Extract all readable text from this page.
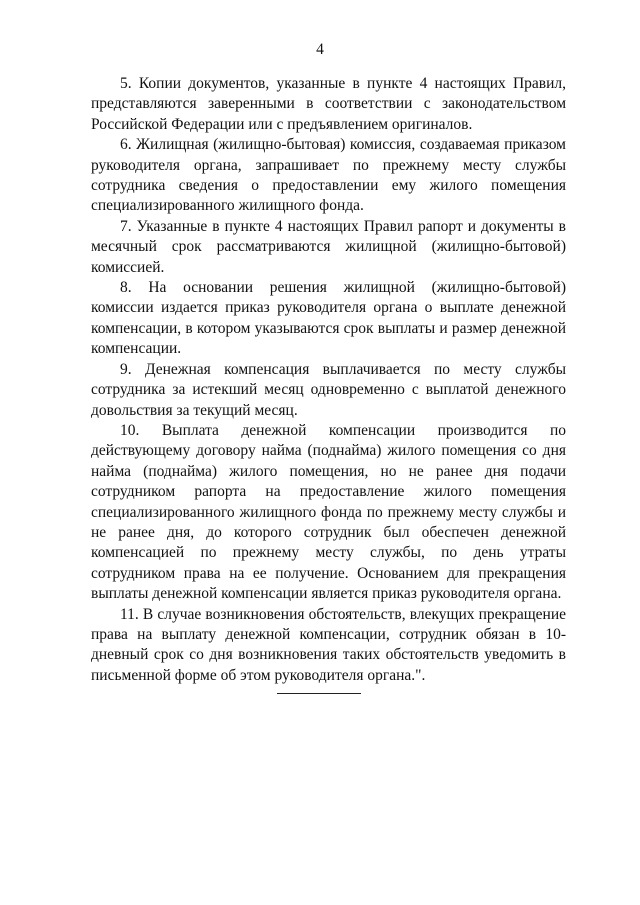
4

5. Копии документов, указанные в пункте 4 настоящих Правил, представляются заверенными в соответствии с законодательством Российской Федерации или с предъявлением оригиналов.

6. Жилищная (жилищно-бытовая) комиссия, создаваемая приказом руководителя органа, запрашивает по прежнему месту службы сотрудника сведения о предоставлении ему жилого помещения специализированного жилищного фонда.

7. Указанные в пункте 4 настоящих Правил рапорт и документы в месячный срок рассматриваются жилищной (жилищно-бытовой) комиссией.

8. На основании решения жилищной (жилищно-бытовой) комиссии издается приказ руководителя органа о выплате денежной компенсации, в котором указываются срок выплаты и размер денежной компенсации.

9. Денежная компенсация выплачивается по месту службы сотрудника за истекший месяц одновременно с выплатой денежного довольствия за текущий месяц.

10. Выплата денежной компенсации производится по действующему договору найма (поднайма) жилого помещения со дня найма (поднайма) жилого помещения, но не ранее дня подачи сотрудником рапорта на предоставление жилого помещения специализированного жилищного фонда по прежнему месту службы и не ранее дня, до которого сотрудник был обеспечен денежной компенсацией по прежнему месту службы, по день утраты сотрудником права на ее получение. Основанием для прекращения выплаты денежной компенсации является приказ руководителя органа.

11. В случае возникновения обстоятельств, влекущих прекращение права на выплату денежной компенсации, сотрудник обязан в 10-дневный срок со дня возникновения таких обстоятельств уведомить в письменной форме об этом руководителя органа.".
